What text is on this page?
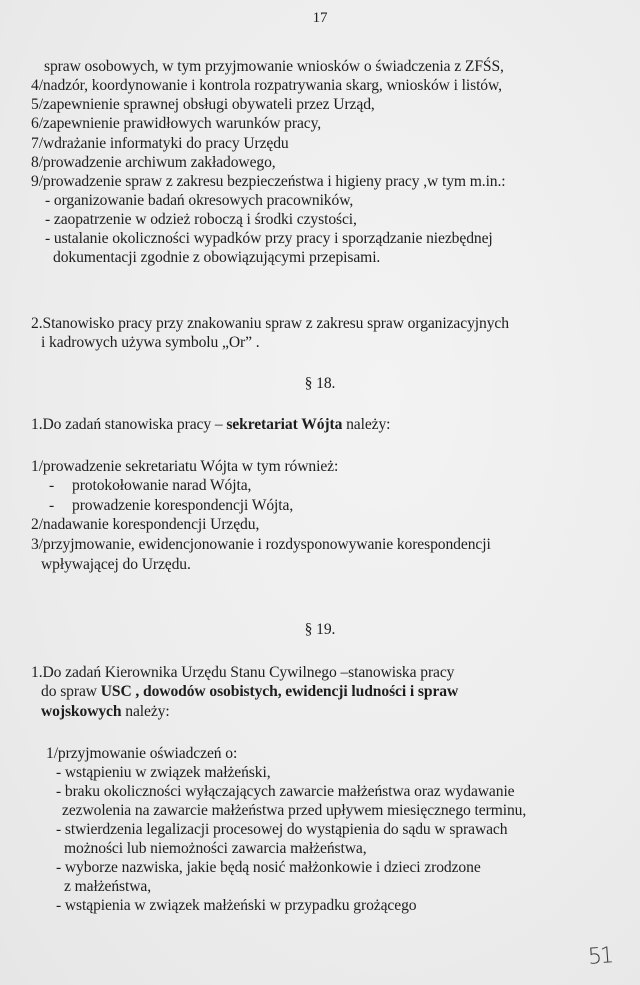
17
spraw osobowych, w tym przyjmowanie wniosków o świadczenia z ZFŚS,
4/nadzór, koordynowanie i kontrola rozpatrywania skarg, wniosków i listów,
5/zapewnienie sprawnej obsługi obywateli przez Urząd,
6/zapewnienie prawidłowych warunków pracy,
7/wdrażanie informatyki do pracy Urzędu
8/prowadzenie archiwum zakładowego,
9/prowadzenie spraw z zakresu bezpieczeństwa i higieny pracy ,w tym m.in.:
- organizowanie badań okresowych pracowników,
- zaopatrzenie w odzież roboczą i środki czystości,
- ustalanie okoliczności wypadków przy pracy i sporządzanie niezbędnej
dokumentacji zgodnie z obowiązującymi przepisami.
2.Stanowisko pracy przy znakowaniu spraw z zakresu spraw organizacyjnych
i kadrowych używa symbolu „Or” .
§ 18.
1.Do zadań stanowiska pracy – sekretariat Wójta należy:
1/prowadzenie sekretariatu Wójta w tym również:
- protokołowanie narad Wójta,
- prowadzenie korespondencji Wójta,
2/nadawanie korespondencji Urzędu,
3/przyjmowanie, ewidencjonowanie i rozdysponowywanie korespondencji
wpływającej do Urzędu.
§ 19.
1.Do zadań Kierownika Urzędu Stanu Cywilnego –stanowiska pracy
do spraw USC , dowodów osobistych, ewidencji ludności i spraw
wojskowych należy:
1/przyjmowanie oświadczeń o:
- wstąpieniu w związek małżeński,
- braku okoliczności wyłączających zawarcie małżeństwa oraz wydawanie
zezwolenia na zawarcie małżeństwa przed upływem miesięcznego terminu,
- stwierdzenia legalizacji procesowej do wystąpienia do sądu w sprawach
możności lub niemożności zawarcia małżeństwa,
- wyborze nazwiska, jakie będą nosić małżonkowie i dzieci zrodzone
z małżeństwa,
- wstąpienia w związek małżeński w przypadku grożącego
51
